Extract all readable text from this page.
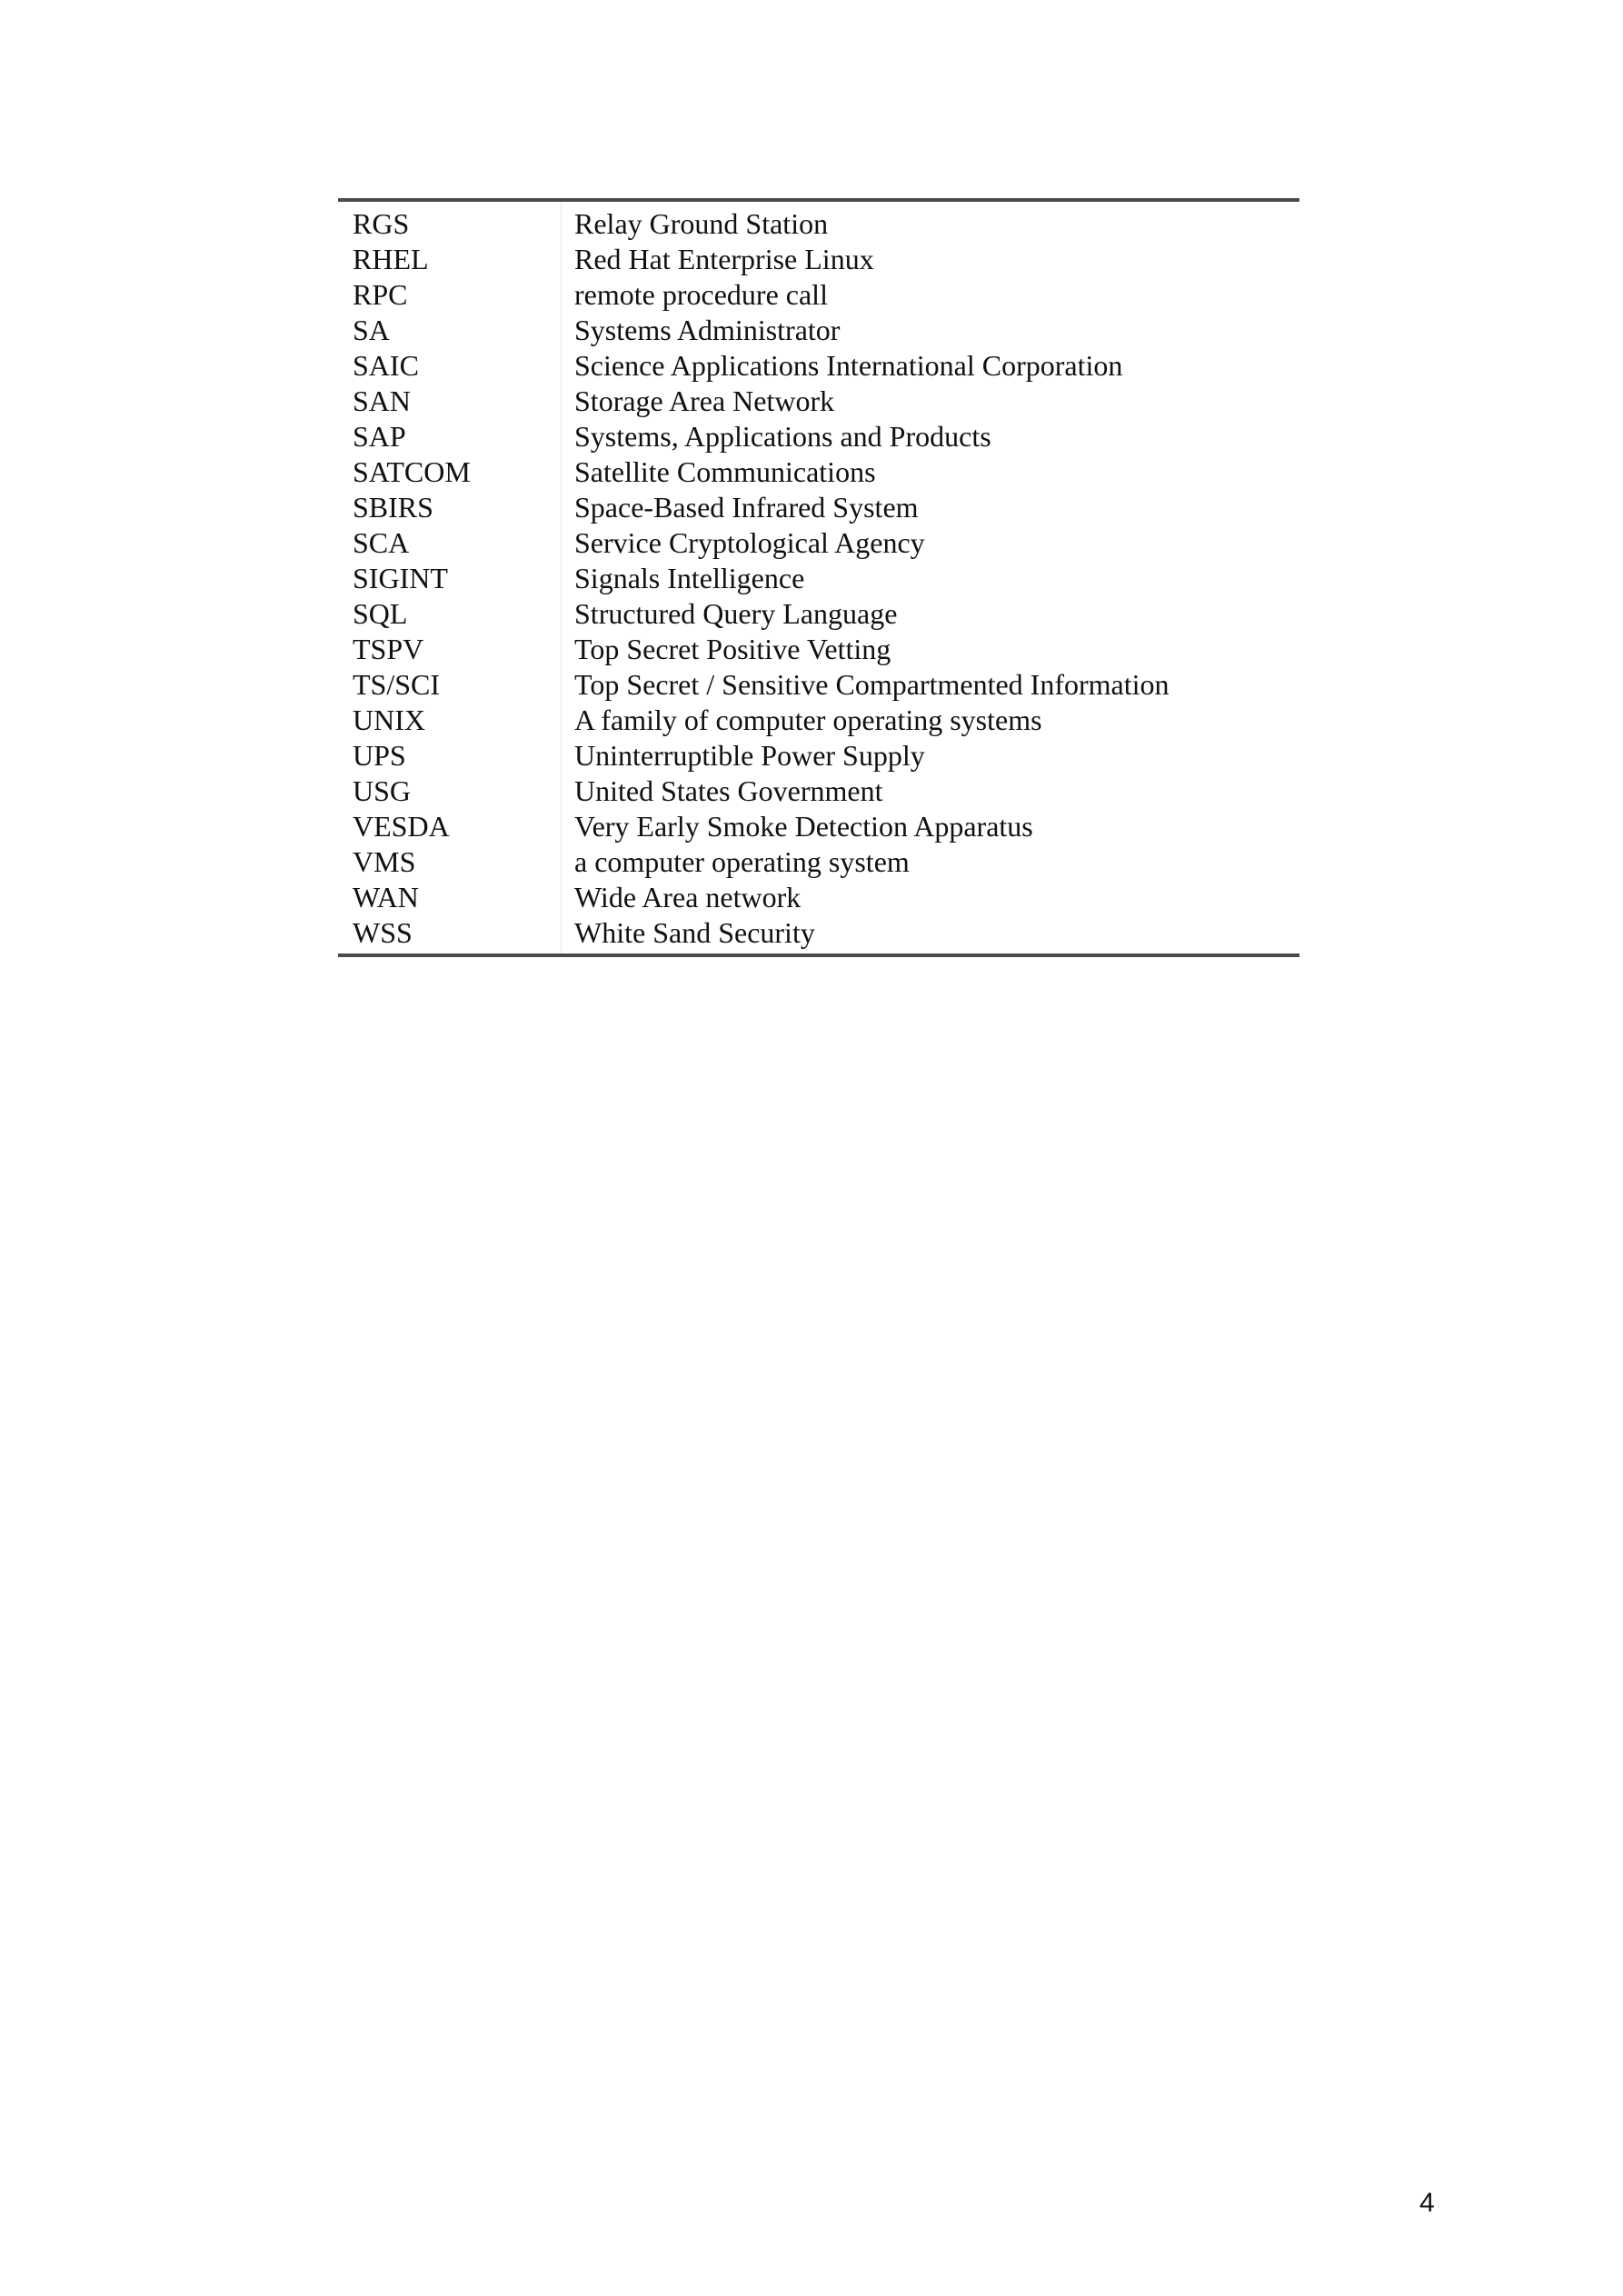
RGS	Relay Ground Station
RHEL	Red Hat Enterprise Linux
RPC	remote procedure call
SA	Systems Administrator
SAIC	Science Applications International Corporation
SAN	Storage Area Network
SAP	Systems, Applications and Products
SATCOM	Satellite Communications
SBIRS	Space-Based Infrared System
SCA	Service Cryptological Agency
SIGINT	Signals Intelligence
SQL	Structured Query Language
TSPV	Top Secret Positive Vetting
TS/SCI	Top Secret / Sensitive Compartmented Information
UNIX	A family of computer operating systems
UPS	Uninterruptible Power Supply
USG	United States Government
VESDA	Very Early Smoke Detection Apparatus
VMS	a computer operating system
WAN	Wide Area network
WSS	White Sand Security
4
